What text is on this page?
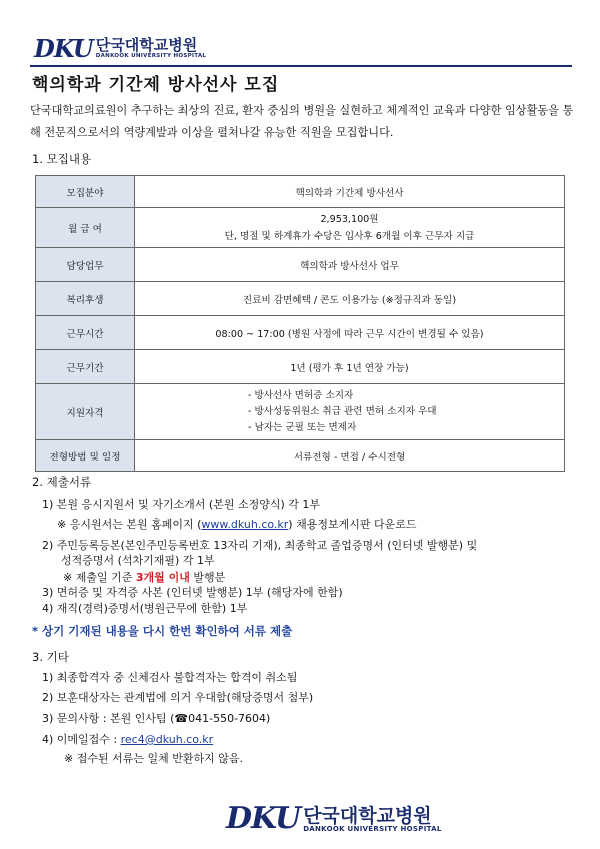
DKU 단국대학교병원
DANKOOK UNIVERSITY HOSPITAL
핵의학과 기간제 방사선사 모집
단국대학교의료원이 추구하는 최상의 진료, 환자 중심의 병원을 실현하고 체계적인 교육과 다양한 임상활동을 통해 전문직으로서의 역량계발과 이상을 펼쳐나갈 유능한 직원을 모집합니다.
1. 모집내용
모집분야	핵의학과 기간제 방사선사
월 급 여	2,953,100원
단, 명절 및 하계휴가 수당은 입사후 6개월 이후 근무자 지급

담당업무	핵의학과 방사선사 업무
복리후생	진료비 감면혜택 / 콘도 이용가능 (※정규직과 동일)
근무시간	08:00 ~ 17:00 (병원 사정에 따라 근무 시간이 변경될 수 있음)
근무기간	1년 (평가 후 1년 연장 가능)
지원자격	- 방사선사 면허증 소지자
- 방사성동위원소 취급 관련 면허 소지자 우대
- 남자는 군필 또는 면제자

전형방법 및 일정	서류전형 - 면접 / 수시전형
2. 제출서류
1) 본원 응시지원서 및 자기소개서 (본원 소정양식) 각 1부
※ 응시원서는 본원 홈페이지 (www.dkuh.co.kr) 채용정보게시판 다운로드
2) 주민등록등본(본인주민등록번호 13자리 기재), 최종학교 졸업증명서 (인터넷 발행분) 및
성적증명서 (석차기재필) 각 1부
※ 제출일 기준 3개월 이내 발행분
3) 면허증 및 자격증 사본 (인터넷 발행분) 1부 (해당자에 한함)
4) 재직(경력)증명서(병원근무에 한함) 1부
* 상기 기재된 내용을 다시 한번 확인하여 서류 제출
3. 기타
1) 최종합격자 중 신체검사 불합격자는 합격이 취소됨
2) 보훈대상자는 관계법에 의거 우대함(해당증명서 첨부)
3) 문의사항 : 본원 인사팀 (☎041-550-7604)
4) 이메일접수 : rec4@dkuh.co.kr
※ 접수된 서류는 일체 반환하지 않음.
DKU 단국대학교병원
DANKOOK UNIVERSITY HOSPITAL
